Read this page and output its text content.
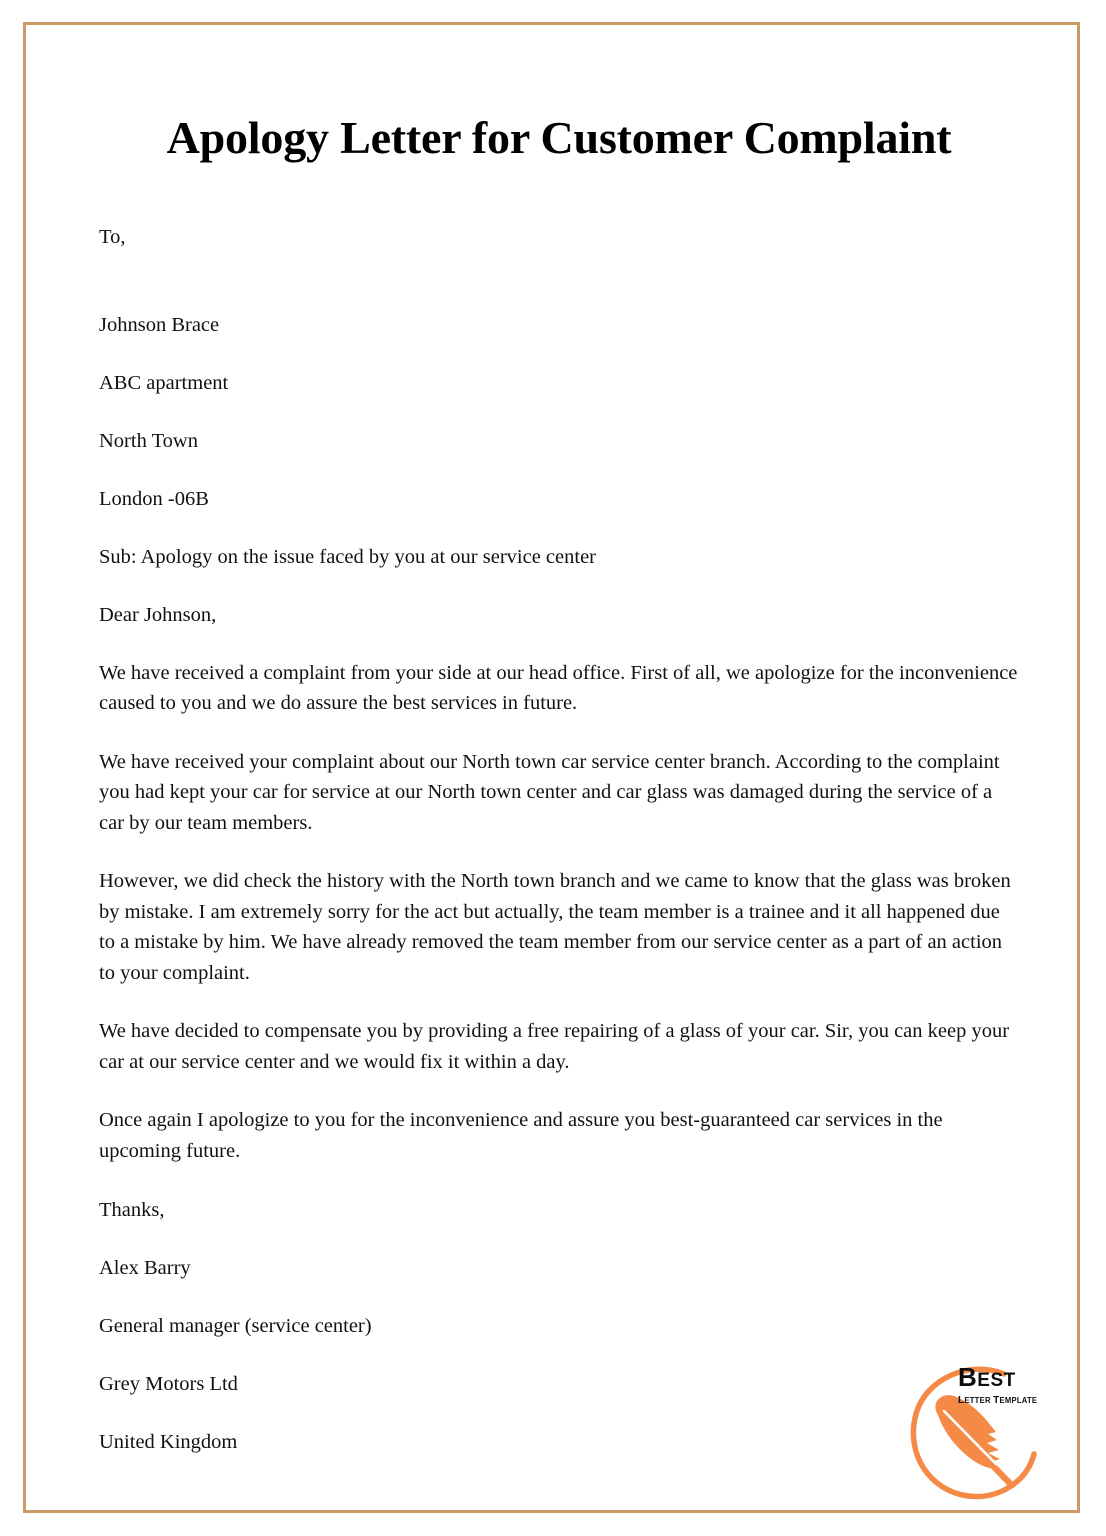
Apology Letter for Customer Complaint

To,

Johnson Brace

ABC apartment

North Town

London -06B

Sub: Apology on the issue faced by you at our service center

Dear Johnson,

We have received a complaint from your side at our head office. First of all, we apologize for the inconvenience caused to you and we do assure the best services in future.

We have received your complaint about our North town car service center branch. According to the complaint you had kept your car for service at our North town center and car glass was damaged during the service of a car by our team members.

However, we did check the history with the North town branch and we came to know that the glass was broken by mistake. I am extremely sorry for the act but actually, the team member is a trainee and it all happened due to a mistake by him. We have already removed the team member from our service center as a part of an action to your complaint.

We have decided to compensate you by providing a free repairing of a glass of your car. Sir, you can keep your car at our service center and we would fix it within a day.

Once again I apologize to you for the inconvenience and assure you best-guaranteed car services in the upcoming future.

Thanks,

Alex Barry

General manager (service center)

Grey Motors Ltd

United Kingdom

BEST
LETTER TEMPLATE
